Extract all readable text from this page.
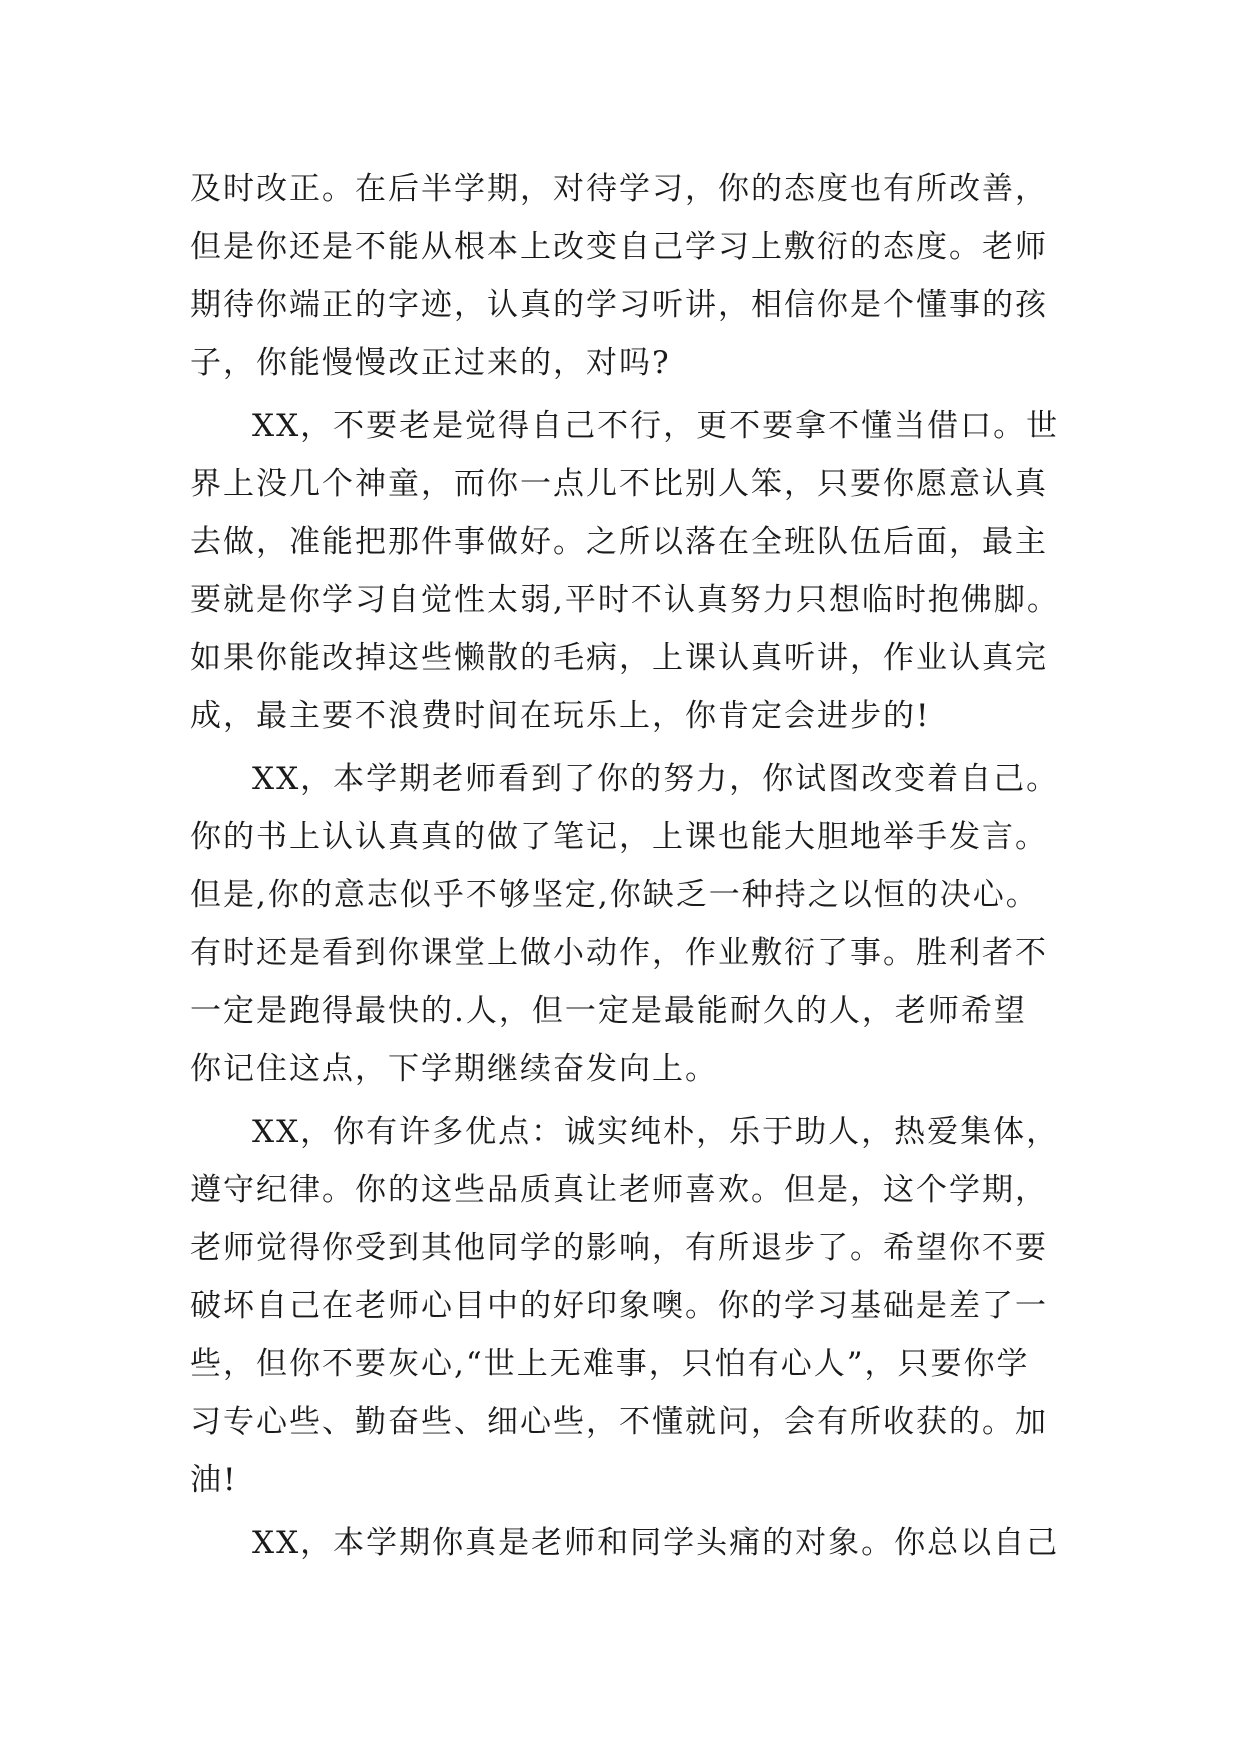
及时改正。在后半学期，对待学习，你的态度也有所改善，
但是你还是不能从根本上改变自己学习上敷衍的态度。老师
期待你端正的字迹，认真的学习听讲，相信你是个懂事的孩
子，你能慢慢改正过来的，对吗?
XX，不要老是觉得自己不行，更不要拿不懂当借口。世
界上没几个神童，而你一点儿不比别人笨，只要你愿意认真
去做，准能把那件事做好。之所以落在全班队伍后面，最主
要就是你学习自觉性太弱,平时不认真努力只想临时抱佛脚。
如果你能改掉这些懒散的毛病，上课认真听讲，作业认真完
成，最主要不浪费时间在玩乐上，你肯定会进步的!
XX，本学期老师看到了你的努力，你试图改变着自己。
你的书上认认真真的做了笔记，上课也能大胆地举手发言。
但是,你的意志似乎不够坚定,你缺乏一种持之以恒的决心。
有时还是看到你课堂上做小动作，作业敷衍了事。胜利者不
一定是跑得最快的.人，但一定是最能耐久的人，老师希望
你记住这点，下学期继续奋发向上。
XX，你有许多优点：诚实纯朴，乐于助人，热爱集体，
遵守纪律。你的这些品质真让老师喜欢。但是，这个学期，
老师觉得你受到其他同学的影响，有所退步了。希望你不要
破坏自己在老师心目中的好印象噢。你的学习基础是差了一
些，但你不要灰心,“世上无难事，只怕有心人”，只要你学
习专心些、勤奋些、细心些，不懂就问，会有所收获的。加
油!
XX，本学期你真是老师和同学头痛的对象。你总以自己
